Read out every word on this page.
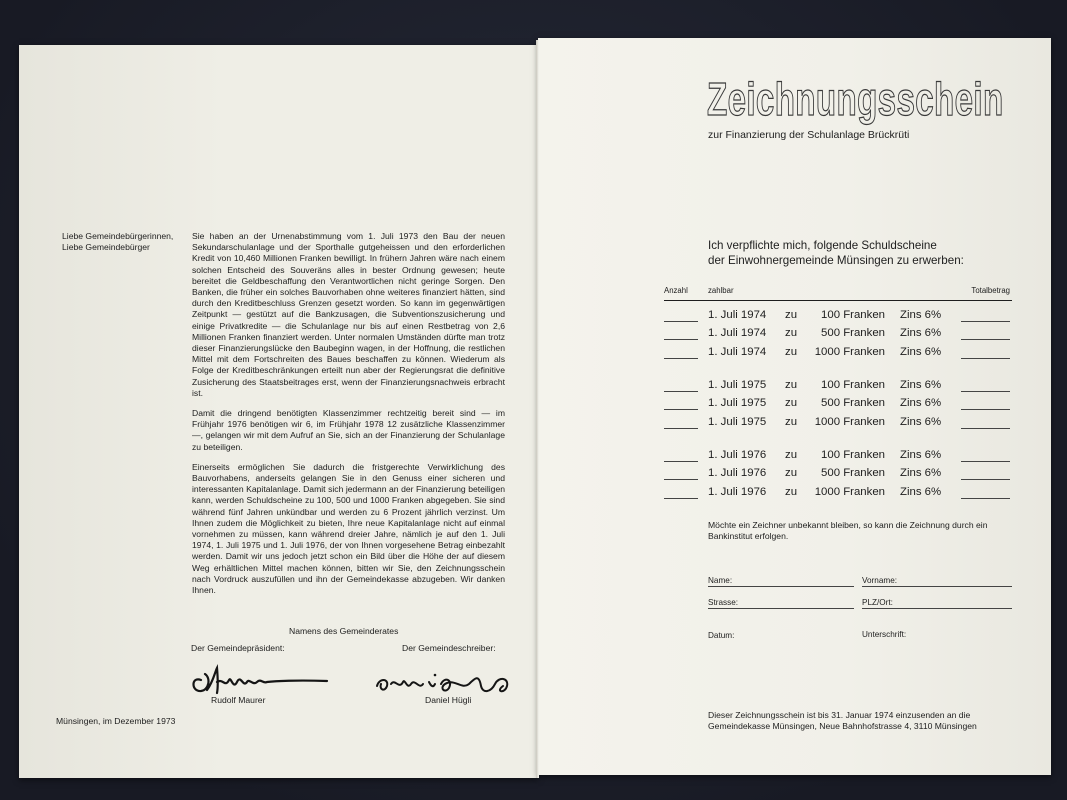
Liebe Gemeindebürgerinnen,
Liebe Gemeindebürger

Sie haben an der Urnenabstimmung vom 1. Juli 1973 den Bau der neuen Sekundarschulanlage und der Sporthalle gutgeheissen und den erforderlichen Kredit von 10,460 Millionen Franken bewilligt. In frühern Jahren wäre nach einem solchen Entscheid des Souveräns alles in bester Ordnung gewesen; heute bereitet die Geldbeschaffung den Verantwortlichen nicht geringe Sorgen. Den Banken, die früher ein solches Bauvorhaben ohne weiteres finanziert hätten, sind durch den Kreditbeschluss Grenzen gesetzt worden. So kann im gegenwärtigen Zeitpunkt — gestützt auf die Bankzusagen, die Subventionszusicherung und einige Privatkredite — die Schulanlage nur bis auf einen Restbetrag von 2,6 Millionen Franken finanziert werden. Unter normalen Umständen dürfte man trotz dieser Finanzierungslücke den Baubeginn wagen, in der Hoffnung, die restlichen Mittel mit dem Fortschreiten des Baues beschaffen zu können. Wiederum als Folge der Kreditbeschränkungen erteilt nun aber der Regierungsrat die definitive Zusicherung des Staatsbeitrages erst, wenn der Finanzierungsnachweis erbracht ist.

Damit die dringend benötigten Klassenzimmer rechtzeitig bereit sind — im Frühjahr 1976 benötigen wir 6, im Frühjahr 1978 12 zusätzliche Klassenzimmer —, gelangen wir mit dem Aufruf an Sie, sich an der Finanzierung der Schulanlage zu beteiligen.

Einerseits ermöglichen Sie dadurch die fristgerechte Verwirklichung des Bauvorhabens, anderseits gelangen Sie in den Genuss einer sicheren und interessanten Kapitalanlage. Damit sich jedermann an der Finanzierung beteiligen kann, werden Schuldscheine zu 100, 500 und 1000 Franken abgegeben. Sie sind während fünf Jahren unkündbar und werden zu 6 Prozent jährlich verzinst. Um Ihnen zudem die Möglichkeit zu bieten, Ihre neue Kapitalanlage nicht auf einmal vornehmen zu müssen, kann während dreier Jahre, nämlich je auf den 1. Juli 1974, 1. Juli 1975 und 1. Juli 1976, der von Ihnen vorgesehene Betrag einbezahlt werden. Damit wir uns jedoch jetzt schon ein Bild über die Höhe der auf diesem Weg erhältlichen Mittel machen können, bitten wir Sie, den Zeichnungsschein nach Vordruck auszufüllen und ihn der Gemeindekasse abzugeben. Wir danken Ihnen.

Namens des Gemeinderates
Der Gemeindepräsident:	Der Gemeindeschreiber:
Rudolf Maurer	Daniel Hügli
Münsingen, im Dezember 1973
Zeichnungsschein
zur Finanzierung der Schulanlage Brückrüti
Ich verpflichte mich, folgende Schuldscheine
der Einwohnergemeinde Münsingen zu erwerben:
Anzahl	zahlbar	Totalbetrag
1. Juli 1974 zu	100 Franken Zins 6%
1. Juli 1974 zu	500 Franken Zins 6%
1. Juli 1974 zu	1000 Franken Zins 6%
1. Juli 1975 zu	100 Franken Zins 6%
1. Juli 1975 zu	500 Franken Zins 6%
1. Juli 1975 zu	1000 Franken Zins 6%
1. Juli 1976 zu	100 Franken Zins 6%
1. Juli 1976 zu	500 Franken Zins 6%
1. Juli 1976 zu	1000 Franken Zins 6%
Möchte ein Zeichner unbekannt bleiben, so kann die Zeichnung durch ein Bankinstitut erfolgen.
Name:	Vorname:
Strasse:	PLZ/Ort:
Datum:	Unterschrift:
Dieser Zeichnungsschein ist bis 31. Januar 1974 einzusenden an die Gemeindekasse Münsingen, Neue Bahnhofstrasse 4, 3110 Münsingen
